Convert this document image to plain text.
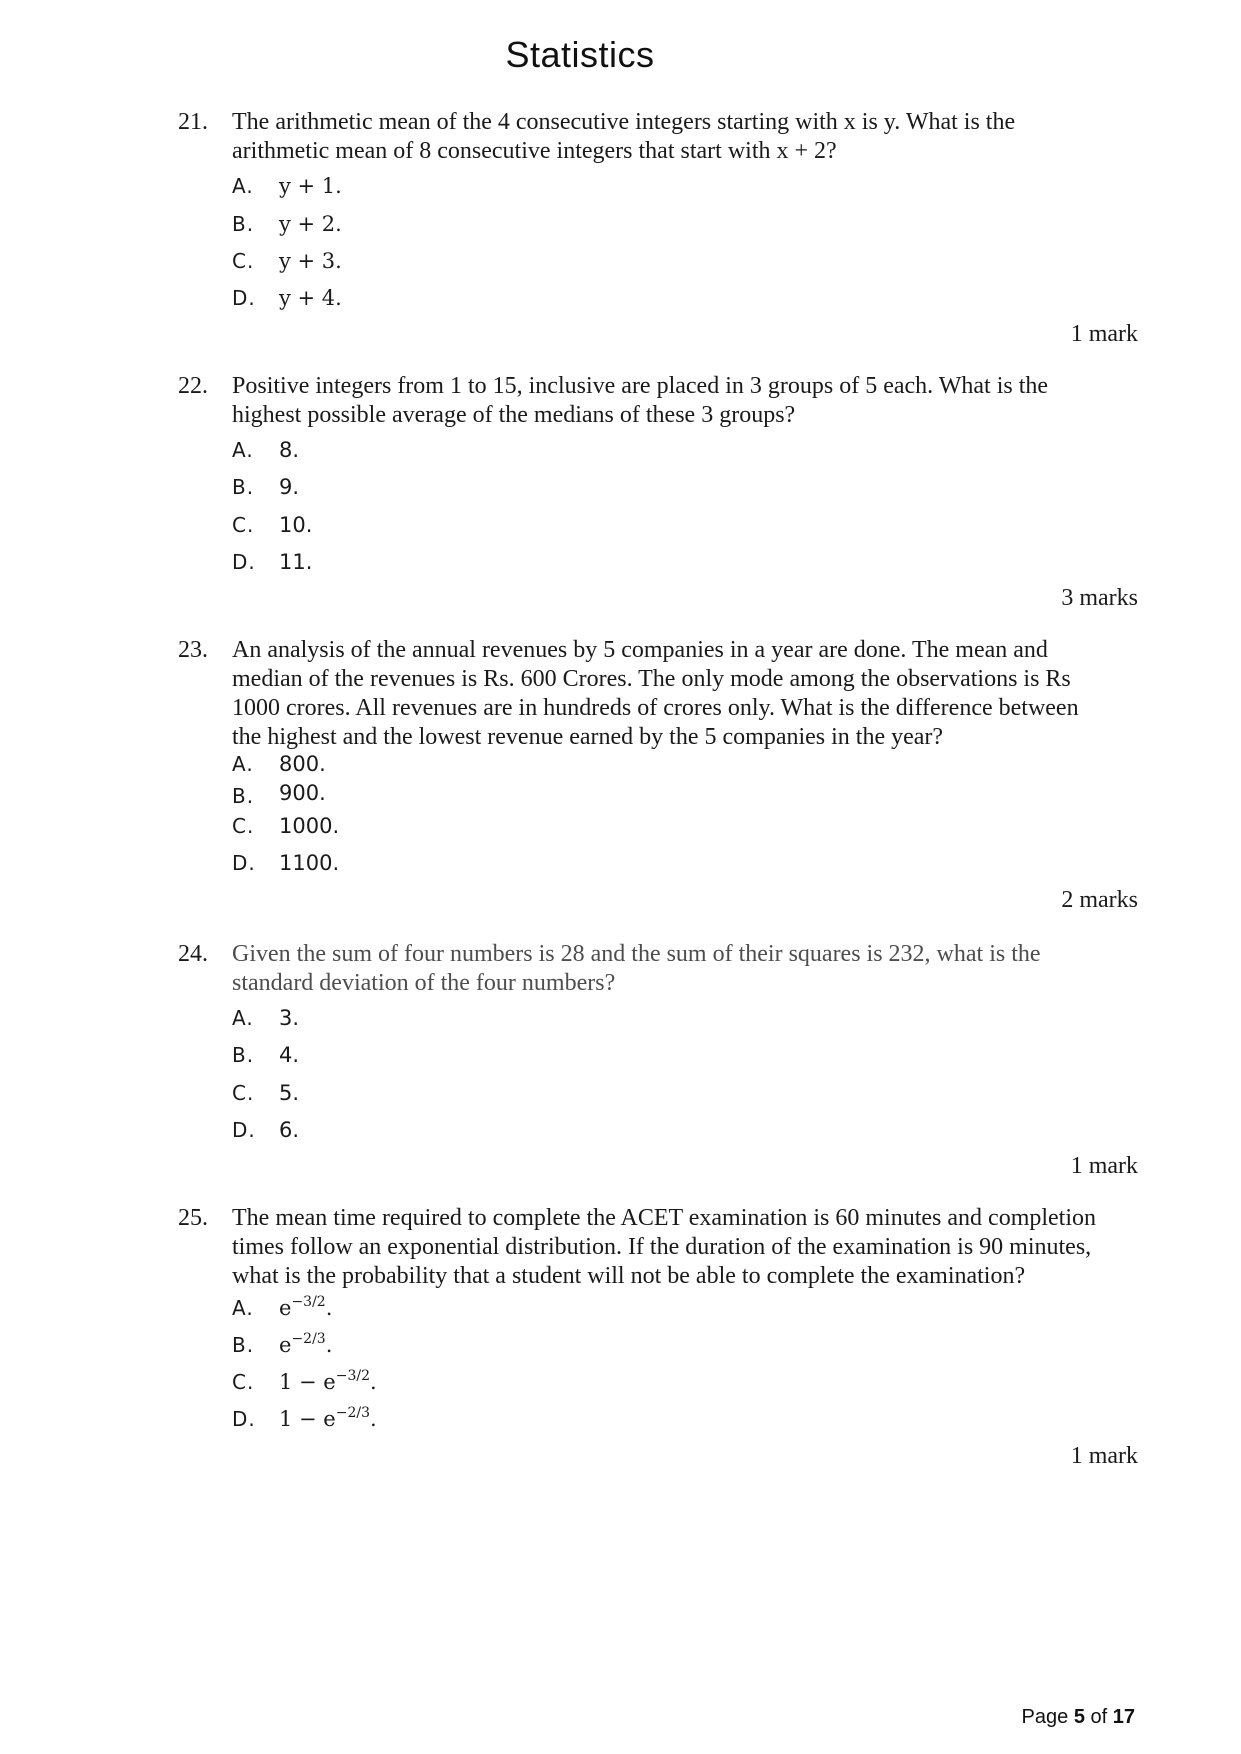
Statistics
21. The arithmetic mean of the 4 consecutive integers starting with x is y. What is the
arithmetic mean of 8 consecutive integers that start with x + 2?
A. y + 1.
B. y + 2.
C. y + 3.
D. y + 4.
1 mark
22. Positive integers from 1 to 15, inclusive are placed in 3 groups of 5 each. What is the
highest possible average of the medians of these 3 groups?
A. 8.
B. 9.
C. 10.
D. 11.
3 marks
23. An analysis of the annual revenues by 5 companies in a year are done. The mean and
median of the revenues is Rs. 600 Crores. The only mode among the observations is Rs
1000 crores. All revenues are in hundreds of crores only. What is the difference between
the highest and the lowest revenue earned by the 5 companies in the year?
A. 800.
B. 900.
C. 1000.
D. 1100.
2 marks
24. Given the sum of four numbers is 28 and the sum of their squares is 232, what is the
standard deviation of the four numbers?
A. 3.
B. 4.
C. 5.
D. 6.
1 mark
25. The mean time required to complete the ACET examination is 60 minutes and completion
times follow an exponential distribution. If the duration of the examination is 90 minutes,
what is the probability that a student will not be able to complete the examination?
A. $e^{-3/2}$.
B. $e^{-2/3}$.
C. $1 - e^{-3/2}$.
D. $1 - e^{-2/3}$.
1 mark
Page 5 of 17
